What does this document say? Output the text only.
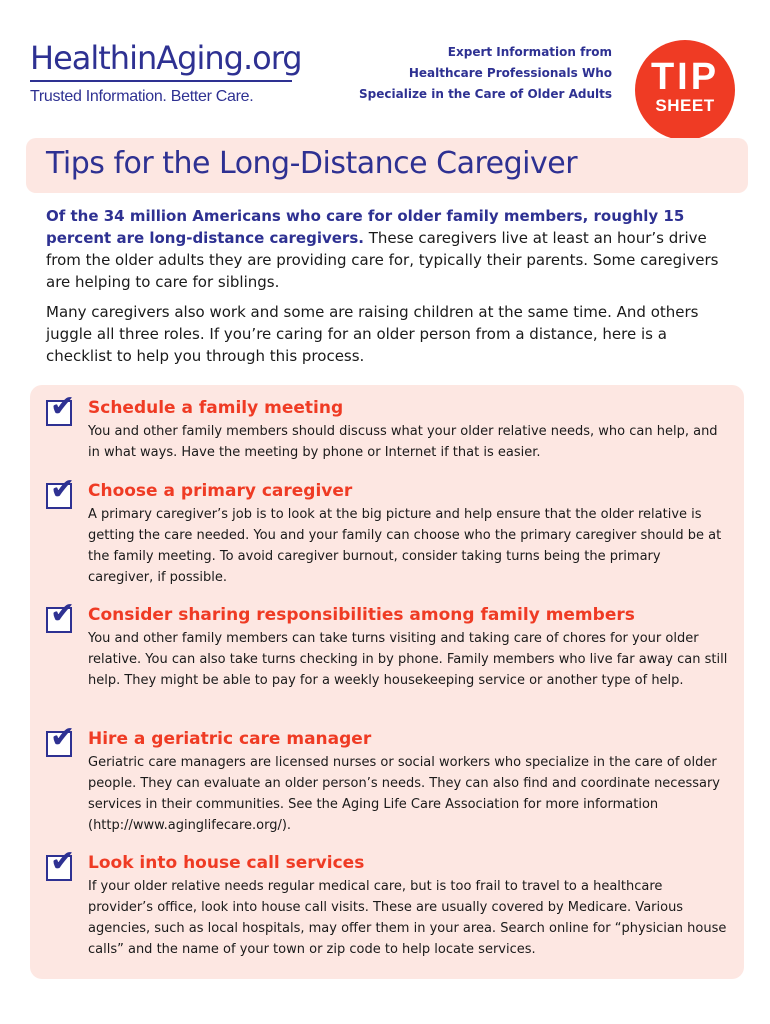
HealthinAging.org
Trusted Information. Better Care.
Expert Information from
Healthcare Professionals Who
Specialize in the Care of Older Adults	TIP
SHEET
Tips for the Long-Distance Caregiver

Of the 34 million Americans who care for older family members, roughly 15 percent are long-distance caregivers. These caregivers live at least an hour’s drive from the older adults they are providing care for, typically their parents. Some caregivers are helping to care for siblings.

Many caregivers also work and some are raising children at the same time. And others juggle all three roles. If you’re caring for an older person from a distance, here is a checklist to help you through this process.

✔ Schedule a family meeting
You and other family members should discuss what your older relative needs, who can help, and in what ways. Have the meeting by phone or Internet if that is easier.
✔ Choose a primary caregiver
A primary caregiver’s job is to look at the big picture and help ensure that the older relative is getting the care needed. You and your family can choose who the primary caregiver should be at the family meeting. To avoid caregiver burnout, consider taking turns being the primary caregiver, if possible.
✔ Consider sharing responsibilities among family members
You and other family members can take turns visiting and taking care of chores for your older relative. You can also take turns checking in by phone. Family members who live far away can still help. They might be able to pay for a weekly housekeeping service or another type of help.
✔ Hire a geriatric care manager
Geriatric care managers are licensed nurses or social workers who specialize in the care of older people. They can evaluate an older person’s needs. They can also find and coordinate necessary services in their communities. See the Aging Life Care Association for more information (http://www.aginglifecare.org/).
✔ Look into house call services
If your older relative needs regular medical care, but is too frail to travel to a healthcare provider’s office, look into house call visits. These are usually covered by Medicare. Various agencies, such as local hospitals, may offer them in your area. Search online for “physician house calls” and the name of your town or zip code to help locate services.
